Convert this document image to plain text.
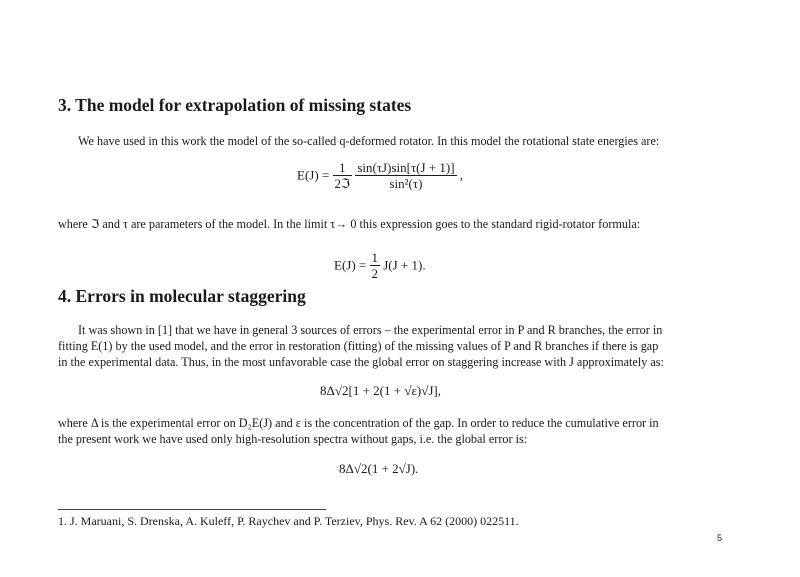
3. The model for extrapolation of missing states

We have used in this work the model of the so-called q-deformed rotator. In this model the rotational state energies are:

$E(J) = \frac{1}{\text{2ℑ}}$
$\frac{\sin(\tau J)\sin[\tau(J + 1)]}{\text{sin²(τ)}}$ ,

where ℑ and τ are parameters of the model. In the limit τ→ 0 this expression goes to the standard rigid-rotator formula:

$E(J) = \frac{1}{2} J(J + 1)$.
4. Errors in molecular staggering
It was shown in [1] that we have in general 3 sources of errors – the experimental error in P and R branches, the error in
fitting E(1) by the used model, and the error in restoration (fitting) of the missing values of P and R branches if there is gap
in the experimental data. Thus, in the most unfavorable case the global error on staggering increase with J approximately as:
8Δ√2[1 + 2(1 + √ε)√J],
where Δ is the experimental error on D₂E(J) and ε is the concentration of the gap. In order to reduce the cumulative error in
the present work we have used only high-resolution spectra without gaps, i.e. the global error is:
8Δ√2(1 + 2√J).
1. J. Maruani, S. Drenska, A. Kuleff, P. Raychev and P. Terziev, Phys. Rev. A 62 (2000) 022511.
5
